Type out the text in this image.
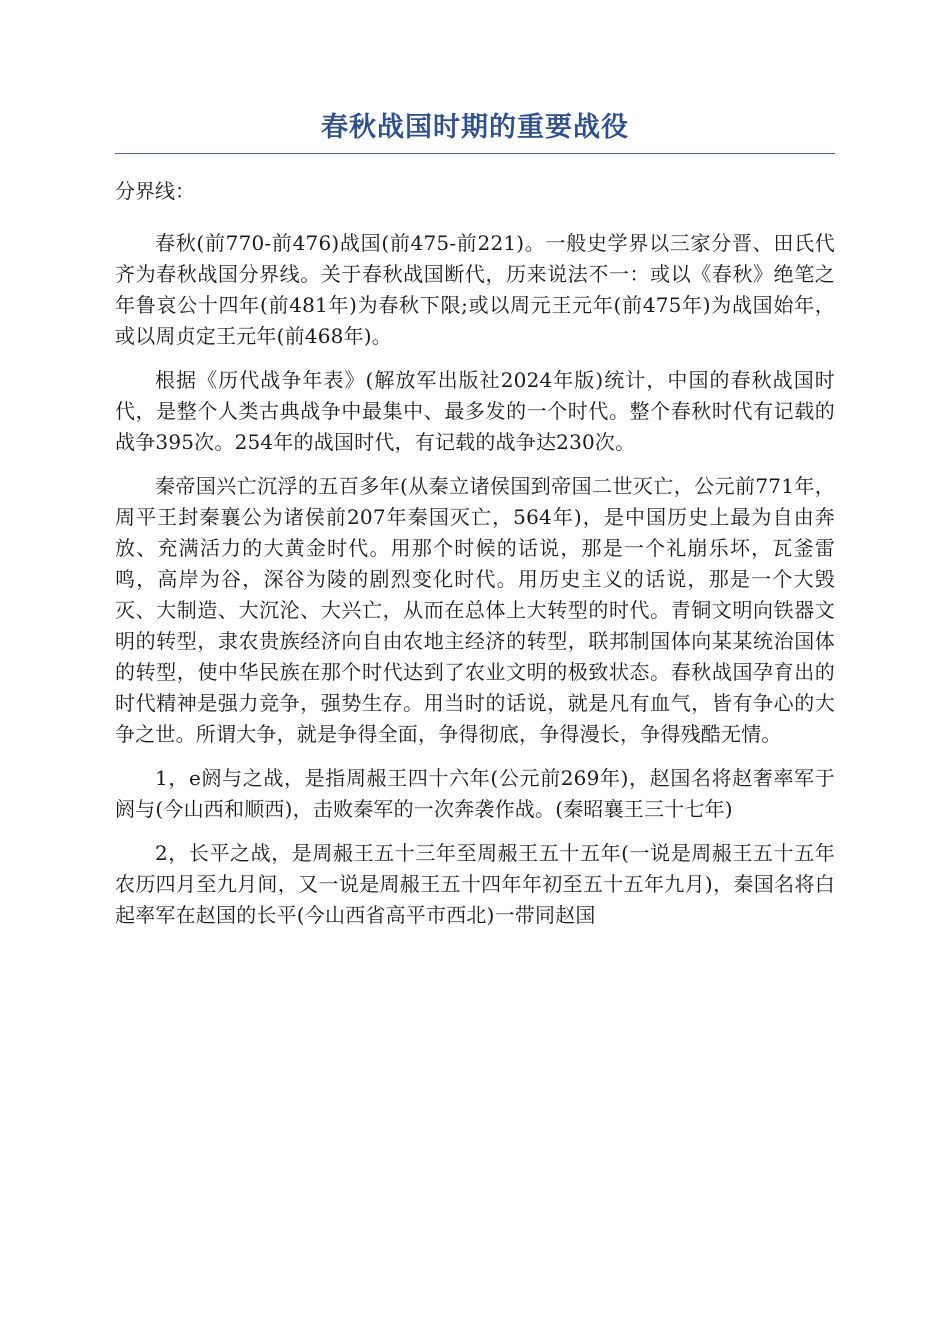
春秋战国时期的重要战役

分界线：

春秋(前770-前476)战国(前475-前221)。一般史学界以三家分晋、田氏代齐为春秋战国分界线。关于春秋战国断代，历来说法不一：或以《春秋》绝笔之年鲁哀公十四年(前481年)为春秋下限;或以周元王元年(前475年)为战国始年，或以周贞定王元年(前468年)。

根据《历代战争年表》(解放军出版社2024年版)统计，中国的春秋战国时代，是整个人类古典战争中最集中、最多发的一个时代。整个春秋时代有记载的战争395次。254年的战国时代，有记载的战争达230次。

秦帝国兴亡沉浮的五百多年(从秦立诸侯国到帝国二世灭亡，公元前771年，周平王封秦襄公为诸侯前207年秦国灭亡，564年)，是中国历史上最为自由奔放、充满活力的大黄金时代。用那个时候的话说，那是一个礼崩乐坏，瓦釜雷鸣，高岸为谷，深谷为陵的剧烈变化时代。用历史主义的话说，那是一个大毁灭、大制造、大沉沦、大兴亡，从而在总体上大转型的时代。青铜文明向铁器文明的转型，隶农贵族经济向自由农地主经济的转型，联邦制国体向某某统治国体的转型，使中华民族在那个时代达到了农业文明的极致状态。春秋战国孕育出的时代精神是强力竞争，强势生存。用当时的话说，就是凡有血气，皆有争心的大争之世。所谓大争，就是争得全面，争得彻底，争得漫长，争得残酷无情。

1，e阏与之战，是指周赧王四十六年(公元前269年)，赵国名将赵奢率军于阏与(今山西和顺西)，击败秦军的一次奔袭作战。(秦昭襄王三十七年)

2，长平之战，是周赧王五十三年至周赧王五十五年(一说是周赧王五十五年农历四月至九月间，又一说是周赧王五十四年年初至五十五年九月)，秦国名将白起率军在赵国的长平(今山西省高平市西北)一带同赵国
